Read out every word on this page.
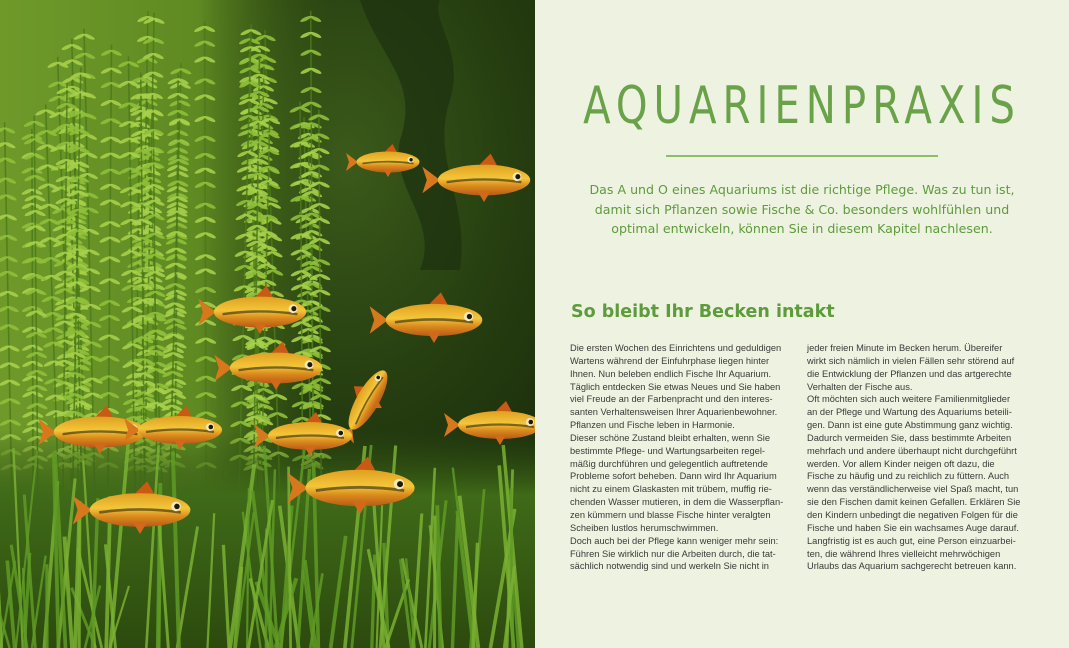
AQUARIENPRAXIS

Das A und O eines Aquariums ist die richtige Pflege. Was zu tun ist,

damit sich Pflanzen sowie Fische & Co. besonders wohlfühlen und

optimal entwickeln, können Sie in diesem Kapitel nachlesen.

So bleibt Ihr Becken intakt
Die ersten Wochen des Einrichtens und geduldigen
Wartens während der Einfuhrphase liegen hinter
Ihnen. Nun beleben endlich Fische Ihr Aquarium.
Täglich entdecken Sie etwas Neues und Sie haben
viel Freude an der Farbenpracht und den interes-
santen Verhaltensweisen Ihrer Aquarienbewohner.
Pflanzen und Fische leben in Harmonie.
Dieser schöne Zustand bleibt erhalten, wenn Sie
bestimmte Pflege- und Wartungsarbeiten regel-
mäßig durchführen und gelegentlich auftretende
Probleme sofort beheben. Dann wird Ihr Aquarium
nicht zu einem Glaskasten mit trübem, muffig rie-
chenden Wasser mutieren, in dem die Wasserpflan-
zen kümmern und blasse Fische hinter veralgten
Scheiben lustlos herumschwimmen.
Doch auch bei der Pflege kann weniger mehr sein:
Führen Sie wirklich nur die Arbeiten durch, die tat-
sächlich notwendig sind und werkeln Sie nicht in
jeder freien Minute im Becken herum. Übereifer
wirkt sich nämlich in vielen Fällen sehr störend auf
die Entwicklung der Pflanzen und das artgerechte
Verhalten der Fische aus.
Oft möchten sich auch weitere Familienmitglieder
an der Pflege und Wartung des Aquariums beteili-
gen. Dann ist eine gute Abstimmung ganz wichtig.
Dadurch vermeiden Sie, dass bestimmte Arbeiten
mehrfach und andere überhaupt nicht durchgeführt
werden. Vor allem Kinder neigen oft dazu, die
Fische zu häufig und zu reichlich zu füttern. Auch
wenn das verständlicherweise viel Spaß macht, tun
sie den Fischen damit keinen Gefallen. Erklären Sie
den Kindern unbedingt die negativen Folgen für die
Fische und haben Sie ein wachsames Auge darauf.
Langfristig ist es auch gut, eine Person einzuarbei-
ten, die während Ihres vielleicht mehrwöchigen
Urlaubs das Aquarium sachgerecht betreuen kann.
